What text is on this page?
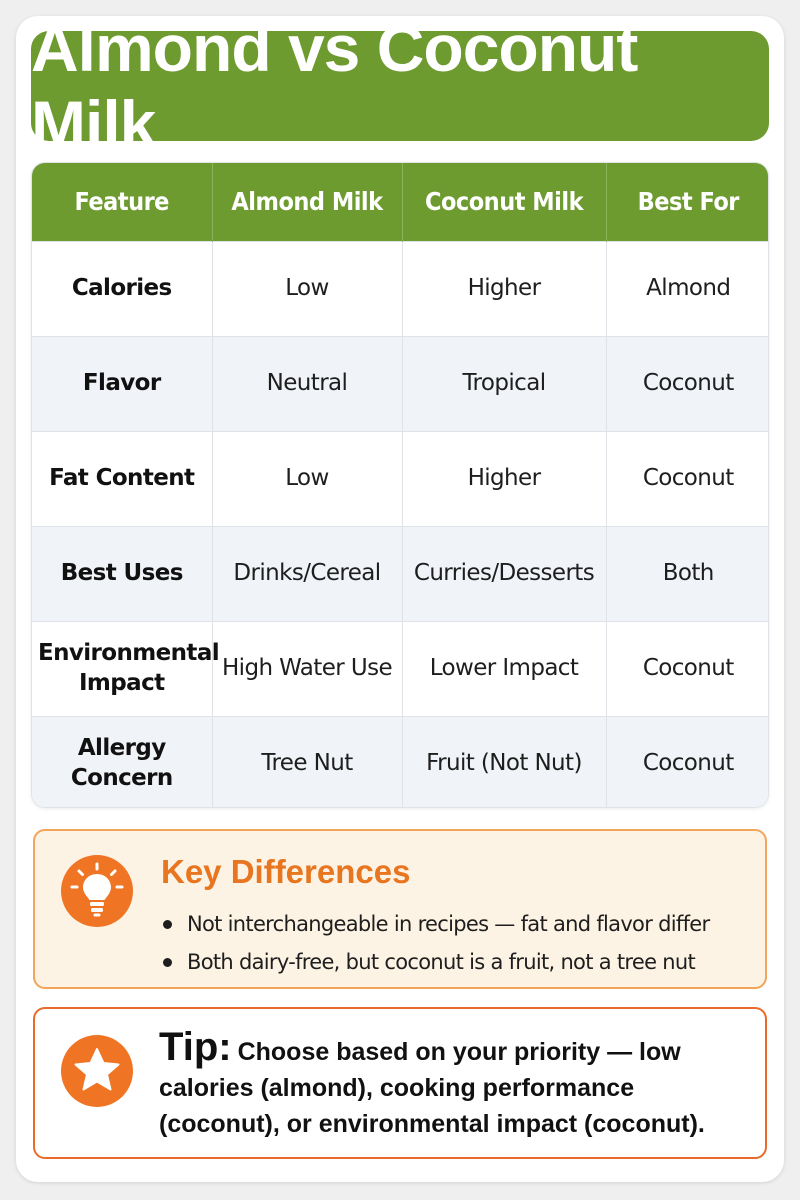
Almond vs Coconut Milk
Feature	Almond Milk	Coconut Milk	Best For
Calories	Low	Higher	Almond
Flavor	Neutral	Tropical	Coconut
Fat Content	Low	Higher	Coconut
Best Uses	Drinks/Cereal	Curries/Desserts	Both
Environmental Impact	High Water Use	Lower Impact	Coconut
Allergy Concern	Tree Nut	Fruit (Not Nut)	Coconut
Key Differences
Not interchangeable in recipes — fat and flavor differ
Both dairy-free, but coconut is a fruit, not a tree nut
Tip: Choose based on your priority — low calories (almond), cooking performance (coconut), or environmental impact (coconut).
